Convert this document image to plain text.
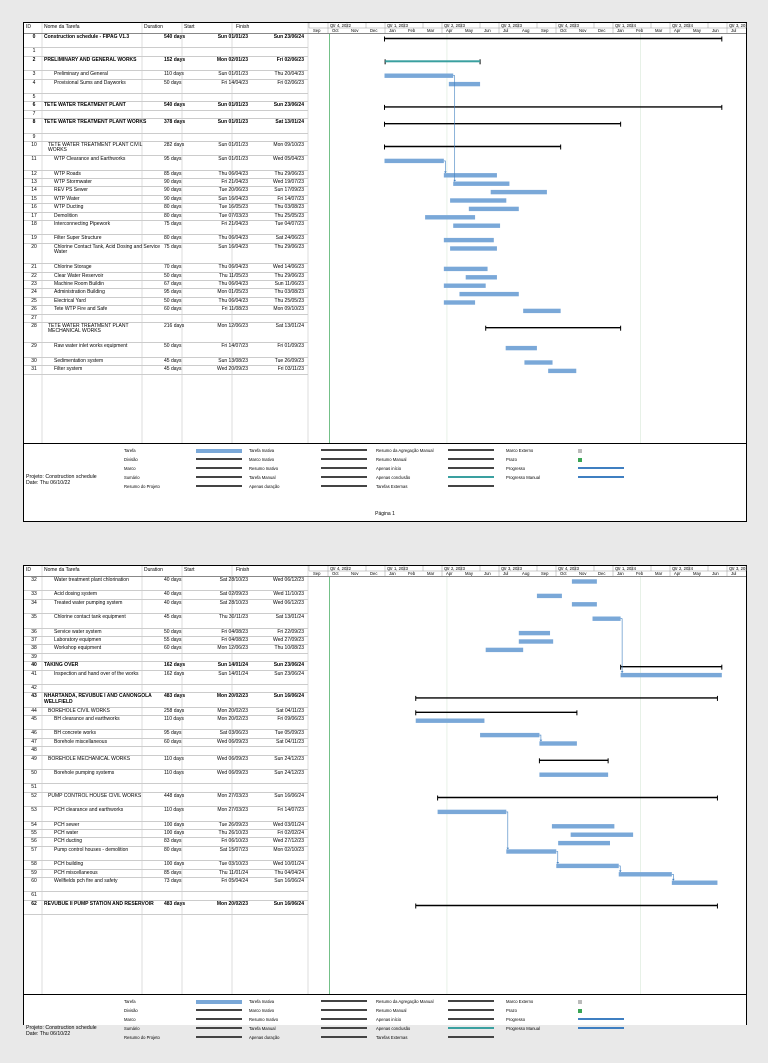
ID	Nome da Tarefa	Duration	Start	Finish	Qtr 4, 2022	Qtr 1, 2023	Qtr 2, 2023	Qtr 3, 2023	Qtr 4, 2023	Qtr 1, 2024	Qtr 2, 2024	Qtr 3, 20
Sep	Oct	Nov	Dec	Jan	Feb	Mar	Apr	May	Jun	Jul	Aug	Sep	Oct	Nov	Dec	Jan	Feb	Mar	Apr	May	Jun	Jul
0	Construction schedule - FIPAG V1.3	540 days	Sun 01/01/23	Sun 23/06/24
1
2	PRELIMINARY AND GENERAL WORKS	152 days	Mon 02/01/23	Fri 02/06/23
3	Preliminary and General	110 days	Sun 01/01/23	Thu 20/04/23
4	Provisional Sums and Dayworks	50 days	Fri 14/04/23	Fri 02/06/23
5
6	TETE WATER TREATMENT PLANT	540 days	Sun 01/01/23	Sun 23/06/24
7
8	TETE WATER TREATMENT PLANT WORKS	378 days	Sun 01/01/23	Sat 13/01/24
9
10	TETE WATER TREATMENT PLANT CIVIL WORKS
282 days	Sun 01/01/23	Mon 09/10/23
11	WTP Clearance and Earthworks	95 days	Sun 01/01/23	Wed 05/04/23
12	WTP Roads	85 days	Thu 06/04/23	Thu 29/06/23
13	WTP Stormwater	90 days	Fri 21/04/23	Wed 19/07/23
14	REV PS Sewer	90 days	Tue 20/06/23	Sun 17/09/23
15	WTP Water	90 days	Sun 16/04/23	Fri 14/07/23
16	WTP Ducting	80 days	Tue 16/05/23	Thu 03/08/23
17	Demolition	80 days	Tue 07/03/23	Thu 25/05/23
18	Interconnecting Pipework	75 days	Fri 21/04/23	Tue 04/07/23
19	Filter Super Structure	80 days	Thu 06/04/23	Sat 24/06/23
20	Chlorine Contact Tank, Acid Dosing and Service Water
75 days	Sun 16/04/23	Thu 29/06/23
21	Chlorine Storage	70 days	Thu 06/04/23	Wed 14/06/23
22	Clear Water Reservoir	50 days	Thu 11/05/23	Thu 29/06/23
23	Machine Room Buildin	67 days	Thu 06/04/23	Sun 11/06/23
24	Administration Building	95 days	Mon 01/05/23	Thu 03/08/23
25	Electrical Yard	50 days	Thu 06/04/23	Thu 25/05/23
26	Tete WTP Fire and Safe	60 days	Fri 11/08/23	Mon 09/10/23
27
28	TETE WATER TREATMENT PLANT MECHANICAL WORKS
216 days	Mon 12/06/23	Sat 13/01/24
29	Raw water inlet works equipment	50 days	Fri 14/07/23	Fri 01/09/23
30	Sedimentation system	45 days	Sun 13/08/23	Tue 26/09/23
31	Filter system	45 days	Wed 20/09/23	Fri 03/11/23
Projeto: Construction schedule
Date: Thu 06/10/22
Tarefa
Divisão
Marco
Sumário
Resumo do Projeto
Tarefa Inativa
Marco Inativo
Resumo Inativo
Tarefa Manual
Apenas duração
Resumo da Agregação Manual
Resumo Manual
Apenas início
Apenas conclusão
Tarefas Externas
Marco Externo
Prazo
Progresso
Progresso Manual
Página 1
ID	Nome da Tarefa	Duration	Start	Finish	Qtr 4, 2022	Qtr 1, 2023	Qtr 2, 2023	Qtr 3, 2023	Qtr 4, 2023	Qtr 1, 2024	Qtr 2, 2024	Qtr 3, 20
Sep	Oct	Nov	Dec	Jan	Feb	Mar	Apr	May	Jun	Jul	Aug	Sep	Oct	Nov	Dec	Jan	Feb	Mar	Apr	May	Jun	Jul
32	Water treatment plant chlorination	40 days	Sat 28/10/23	Wed 06/12/23
33	Acid dosing system	40 days	Sat 02/09/23	Wed 11/10/23
34	Treated water pumping system	40 days	Sat 28/10/23	Wed 06/12/23
35	Chlorine contact tank equipment	45 days	Thu 30/11/23	Sat 13/01/24
36	Service water system	50 days	Fri 04/08/23	Fri 22/09/23
37	Laboratory equipmen	55 days	Fri 04/08/23	Wed 27/09/23
38	Workshop equipment	60 days	Mon 12/06/23	Thu 10/08/23
39
40	TAKING OVER	162 days	Sun 14/01/24	Sun 23/06/24
41	Inspection and hand over of the works	162 days	Sun 14/01/24	Sun 23/06/24
42
43	NHARTANDA, REVUBUE I AND CANONGOLA WELLFIELD
483 days	Mon 20/02/23	Sun 16/06/24
44	BOREHOLE CIVIL WORKS	258 days	Mon 20/02/23	Sat 04/11/23
45	BH clearance and earthworks	110 days	Mon 20/02/23	Fri 09/06/23
46	BH concrete works	95 days	Sat 03/06/23	Tue 05/09/23
47	Borehole miscellaneous	60 days	Wed 06/09/23	Sat 04/11/23
48
49	BOREHOLE MECHANICAL WORKS	110 days	Wed 06/09/23	Sun 24/12/23
50	Borehole pumping systems	110 days	Wed 06/09/23	Sun 24/12/23
51
52	PUMP CONTROL HOUSE CIVIL WORKS	448 days	Mon 27/03/23	Sun 16/06/24
53	PCH clearance and earthworks	110 days	Mon 27/03/23	Fri 14/07/23
54	PCH sewer	100 days	Tue 26/09/23	Wed 03/01/24
55	PCH water	100 days	Thu 26/10/23	Fri 02/02/24
56	PCH ducting	83 days	Fri 06/10/23	Wed 27/12/23
57	Pump control houses - demolition	80 days	Sat 15/07/23	Mon 02/10/23
58	PCH building	100 days	Tue 03/10/23	Wed 10/01/24
59	PCH miscellaneous	85 days	Thu 11/01/24	Thu 04/04/24
60	Wellfields pch fire and safety	73 days	Fri 05/04/24	Sun 16/06/24
61
62	REVUBUE II PUMP STATION AND RESERVOIR	483 days	Mon 20/02/23	Sun 16/06/24
Projeto: Construction schedule
Date: Thu 06/10/22
Tarefa
Divisão
Marco
Sumário
Resumo do Projeto
Tarefa Inativa
Marco Inativo
Resumo Inativo
Tarefa Manual
Apenas duração
Resumo da Agregação Manual
Resumo Manual
Apenas início
Apenas conclusão
Tarefas Externas
Marco Externo
Prazo
Progresso
Progresso Manual
